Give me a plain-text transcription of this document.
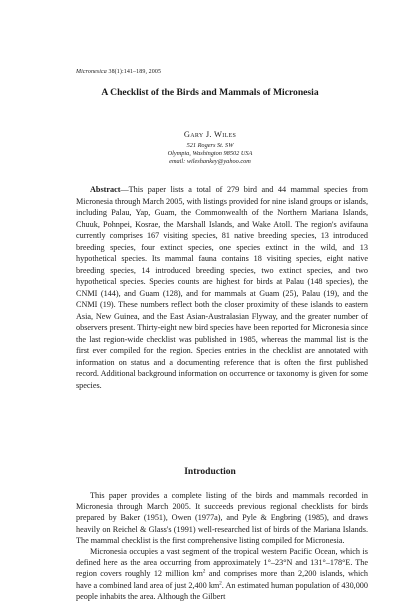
Micronesica 38(1):141–189, 2005
A Checklist of the Birds and Mammals of Micronesia
Gary J. Wiles
521 Rogers St. SW
Olympia, Washington 98502 USA
email: wileshankey@yahoo.com
Abstract—This paper lists a total of 279 bird and 44 mammal species from Micronesia through March 2005, with listings provided for nine island groups or islands, including Palau, Yap, Guam, the Commonwealth of the Northern Mariana Islands, Chuuk, Pohnpei, Kosrae, the Marshall Islands, and Wake Atoll. The region's avifauna currently comprises 167 visiting species, 81 native breeding species, 13 introduced breeding species, four extinct species, one species extinct in the wild, and 13 hypothetical species. Its mammal fauna contains 18 visiting species, eight native breeding species, 14 introduced breeding species, two extinct species, and two hypothetical species. Species counts are highest for birds at Palau (148 species), the CNMI (144), and Guam (128), and for mammals at Guam (25), Palau (19), and the CNMI (19). These numbers reflect both the closer proximity of these islands to eastern Asia, New Guinea, and the East Asian-Australasian Flyway, and the greater number of observers present. Thirty-eight new bird species have been reported for Micronesia since the last region-wide checklist was published in 1985, whereas the mammal list is the first ever compiled for the region. Species entries in the checklist are annotated with information on status and a documenting reference that is often the first published record. Additional background information on occurrence or taxonomy is given for some species.
Introduction

This paper provides a complete listing of the birds and mammals recorded in Micronesia through March 2005. It succeeds previous regional checklists for birds prepared by Baker (1951), Owen (1977a), and Pyle & Engbring (1985), and draws heavily on Reichel & Glass's (1991) well-researched list of birds of the Mariana Islands. The mammal checklist is the first comprehensive listing compiled for Micronesia.

Micronesia occupies a vast segment of the tropical western Pacific Ocean, which is defined here as the area occurring from approximately 1°–23°N and 131°–178°E. The region covers roughly 12 million $km^2$ and comprises more than 2,200 islands, which have a combined land area of just 2,400 $km^2$. An estimated human population of 430,000 people inhabits the area. Although the Gilbert
